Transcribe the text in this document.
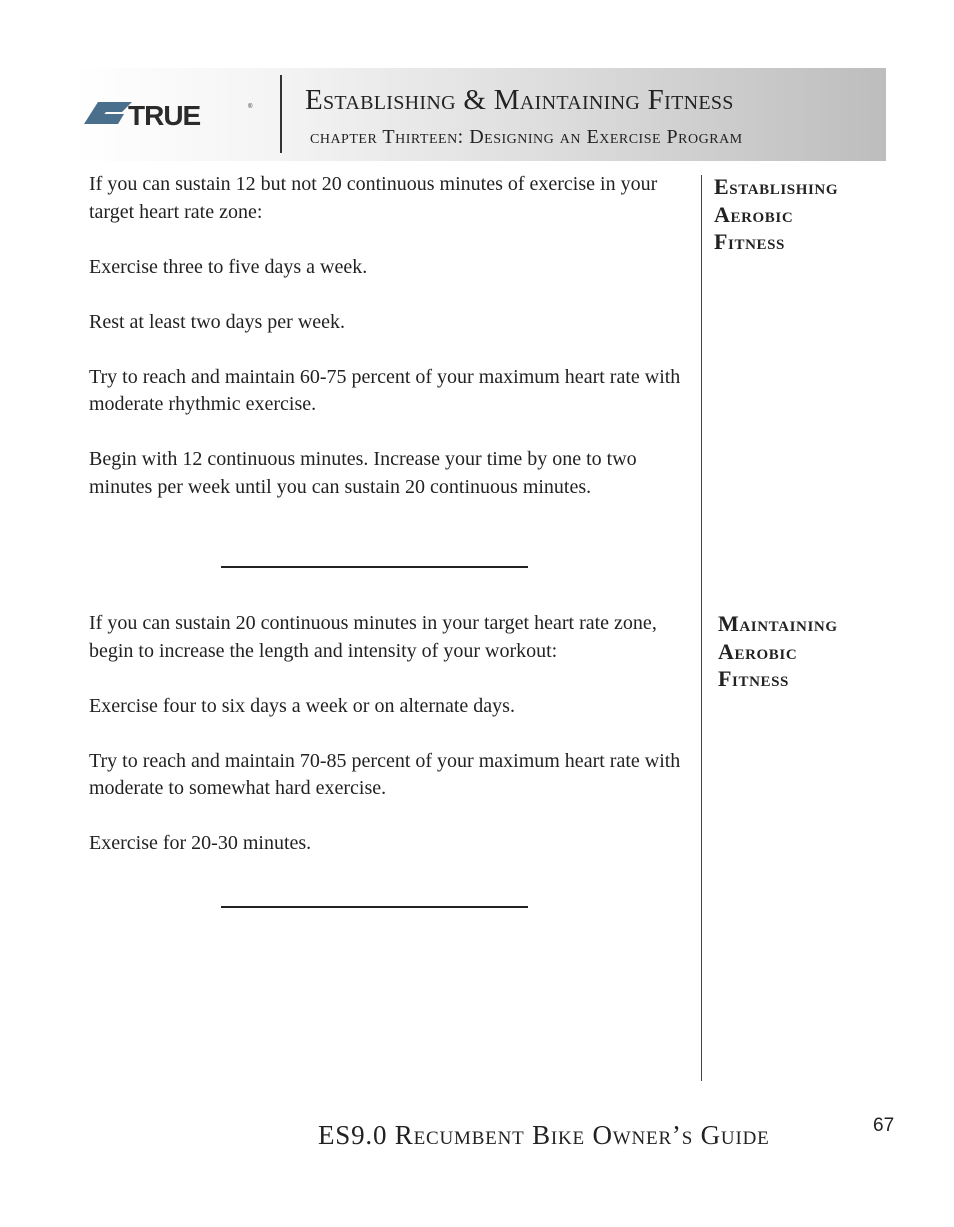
TRUE	® Establishing & Maintaining Fitness
chapter Thirteen: Designing an Exercise Program

If you can sustain 12 but not 20 continuous minutes of exercise in your target heart rate zone:

Exercise three to five days a week.

Rest at least two days per week.

Try to reach and maintain 60-75 percent of your maximum heart rate with moderate rhythmic exercise.

Begin with 12 continuous minutes. Increase your time by one to two minutes per week until you can sustain 20 continuous minutes.

Establishing
Aerobic
Fitness

If you can sustain 20 continuous minutes in your target heart rate zone, begin to increase the length and intensity of your workout:

Exercise four to six days a week or on alternate days.

Try to reach and maintain 70-85 percent of your maximum heart rate with moderate to somewhat hard exercise.

Exercise for 20-30 minutes.

Maintaining
Aerobic
Fitness
ES9.0 Recumbent Bike Owner’s Guide	67
